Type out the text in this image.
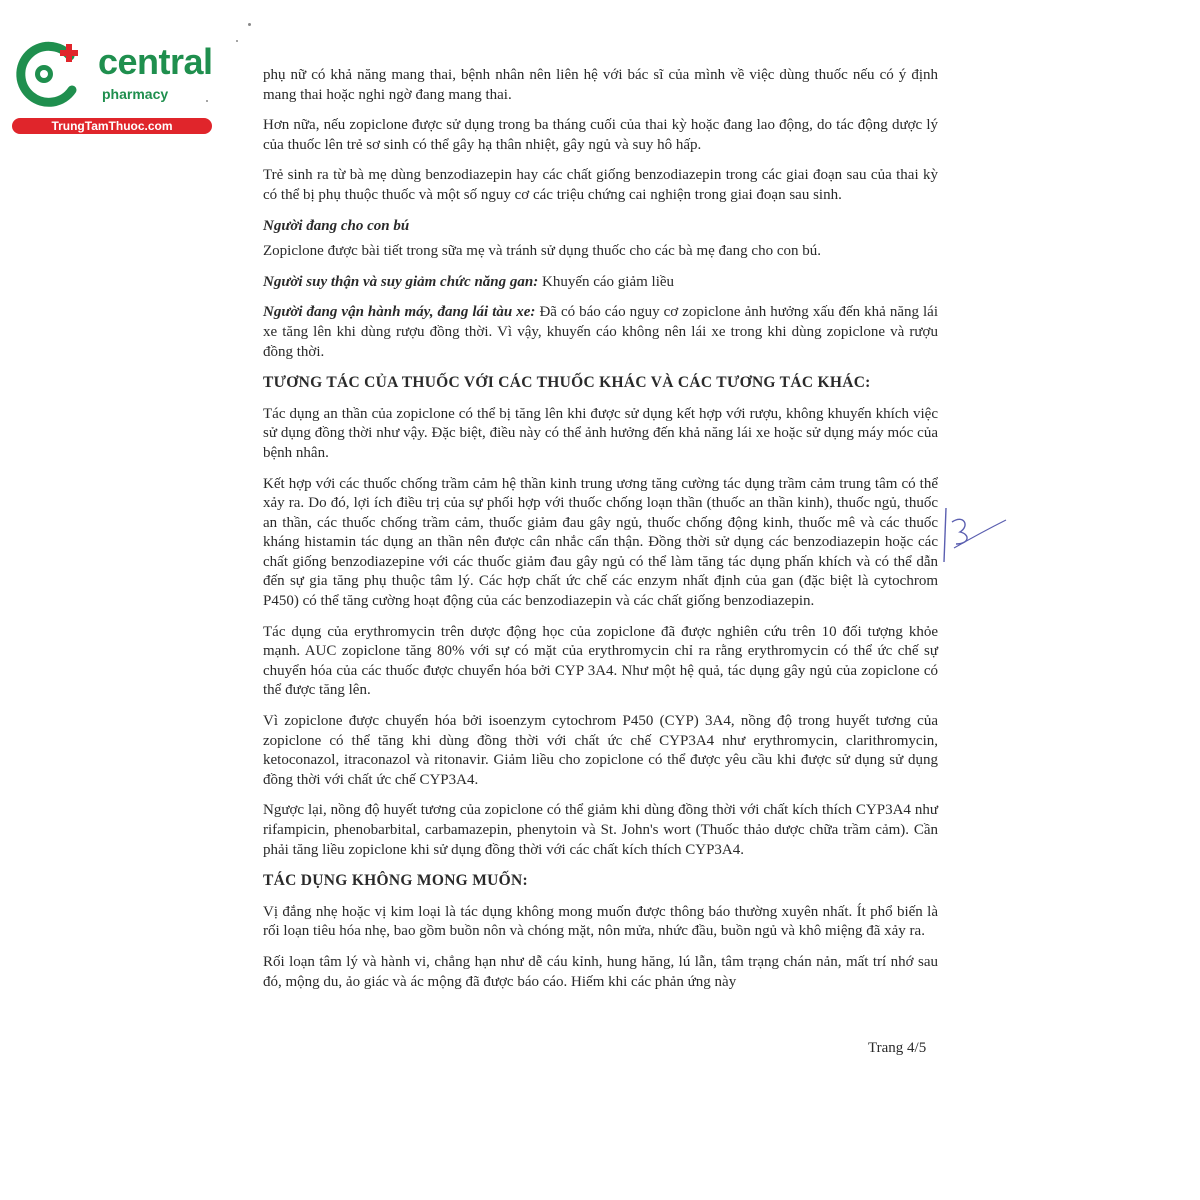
central
pharmacy
TrungTamThuoc.com

phụ nữ có khả năng mang thai, bệnh nhân nên liên hệ với bác sĩ của mình về việc dùng thuốc nếu có ý định mang thai hoặc nghi ngờ đang mang thai.

Hơn nữa, nếu zopiclone được sử dụng trong ba tháng cuối của thai kỳ hoặc đang lao động, do tác động dược lý của thuốc lên trẻ sơ sinh có thể gây hạ thân nhiệt, gây ngủ và suy hô hấp.

Trẻ sinh ra từ bà mẹ dùng benzodiazepin hay các chất giống benzodiazepin trong các giai đoạn sau của thai kỳ có thể bị phụ thuộc thuốc và một số nguy cơ các triệu chứng cai nghiện trong giai đoạn sau sinh.

Người đang cho con bú

Zopiclone được bài tiết trong sữa mẹ và tránh sử dụng thuốc cho các bà mẹ đang cho con bú.

Người suy thận và suy giảm chức năng gan: Khuyến cáo giảm liều

Người đang vận hành máy, đang lái tàu xe: Đã có báo cáo nguy cơ zopiclone ảnh hưởng xấu đến khả năng lái xe tăng lên khi dùng rượu đồng thời. Vì vậy, khuyến cáo không nên lái xe trong khi dùng zopiclone và rượu đồng thời.

TƯƠNG TÁC CỦA THUỐC VỚI CÁC THUỐC KHÁC VÀ CÁC TƯƠNG TÁC KHÁC:

Tác dụng an thần của zopiclone có thể bị tăng lên khi được sử dụng kết hợp với rượu, không khuyến khích việc sử dụng đồng thời như vậy. Đặc biệt, điều này có thể ảnh hưởng đến khả năng lái xe hoặc sử dụng máy móc của bệnh nhân.

Kết hợp với các thuốc chống trầm cảm hệ thần kinh trung ương tăng cường tác dụng trầm cảm trung tâm có thể xảy ra. Do đó, lợi ích điều trị của sự phối hợp với thuốc chống loạn thần (thuốc an thần kinh), thuốc ngủ, thuốc an thần, các thuốc chống trầm cảm, thuốc giảm đau gây ngủ, thuốc chống động kinh, thuốc mê và các thuốc kháng histamin tác dụng an thần nên được cân nhắc cẩn thận. Đồng thời sử dụng các benzodiazepin hoặc các chất giống benzodiazepine với các thuốc giảm đau gây ngủ có thể làm tăng tác dụng phấn khích và có thể dẫn đến sự gia tăng phụ thuộc tâm lý. Các hợp chất ức chế các enzym nhất định của gan (đặc biệt là cytochrom P450) có thể tăng cường hoạt động của các benzodiazepin và các chất giống benzodiazepin.

Tác dụng của erythromycin trên dược động học của zopiclone đã được nghiên cứu trên 10 đối tượng khỏe mạnh. AUC zopiclone tăng 80% với sự có mặt của erythromycin chỉ ra rằng erythromycin có thể ức chế sự chuyển hóa của các thuốc được chuyển hóa bởi CYP 3A4. Như một hệ quả, tác dụng gây ngủ của zopiclone có thể được tăng lên.

Vì zopiclone được chuyển hóa bởi isoenzym cytochrom P450 (CYP) 3A4, nồng độ trong huyết tương của zopiclone có thể tăng khi dùng đồng thời với chất ức chế CYP3A4 như erythromycin, clarithromycin, ketoconazol, itraconazol và ritonavir. Giảm liều cho zopiclone có thể được yêu cầu khi được sử dụng sử dụng đồng thời với chất ức chế CYP3A4.

Ngược lại, nồng độ huyết tương của zopiclone có thể giảm khi dùng đồng thời với chất kích thích CYP3A4 như rifampicin, phenobarbital, carbamazepin, phenytoin và St. John's wort (Thuốc thảo dược chữa trầm cảm). Cần phải tăng liều zopiclone khi sử dụng đồng thời với các chất kích thích CYP3A4.

TÁC DỤNG KHÔNG MONG MUỐN:

Vị đắng nhẹ hoặc vị kim loại là tác dụng không mong muốn được thông báo thường xuyên nhất. Ít phổ biến là rối loạn tiêu hóa nhẹ, bao gồm buồn nôn và chóng mặt, nôn mửa, nhức đầu, buồn ngủ và khô miệng đã xảy ra.

Rối loạn tâm lý và hành vi, chẳng hạn như dễ cáu kỉnh, hung hăng, lú lẫn, tâm trạng chán nản, mất trí nhớ sau đó, mộng du, ảo giác và ác mộng đã được báo cáo. Hiếm khi các phản ứng này

Trang 4/5
